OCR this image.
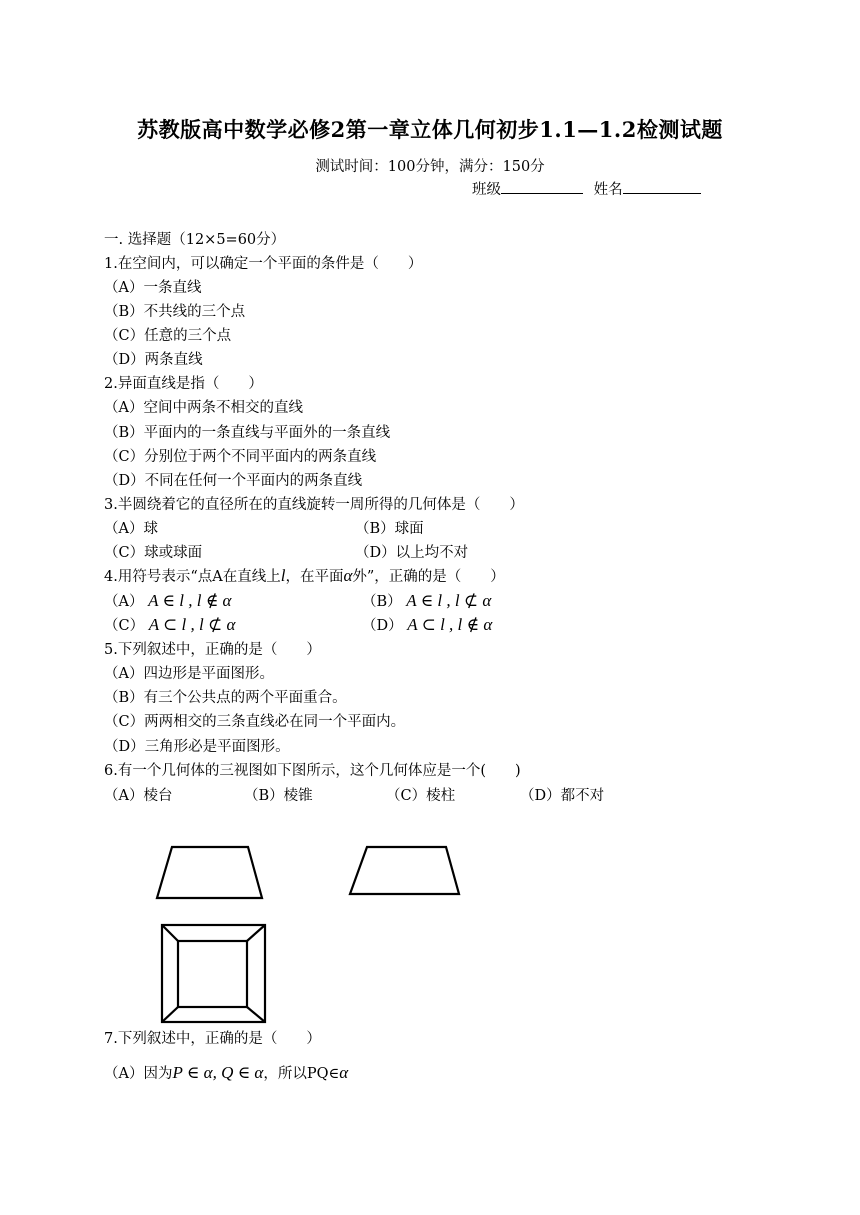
苏教版高中数学必修2第一章立体几何初步1.1—1.2检测试题
测试时间：100分钟，满分：150分
班级	姓名
一. 选择题（12×5=60分）
1.在空间内，可以确定一个平面的条件是（　　）
（A）一条直线
（B）不共线的三个点
（C）任意的三个点
（D）两条直线
2.异面直线是指（　　）
（A）空间中两条不相交的直线
（B）平面内的一条直线与平面外的一条直线
（C）分别位于两个不同平面内的两条直线
（D）不同在任何一个平面内的两条直线
3.半圆绕着它的直径所在的直线旋转一周所得的几何体是（　　）
（A）球	（B）球面
（C）球或球面	（D）以上均不对
4.用符号表示“点A在直线上l，在平面α外”，正确的是（　　）
（A） A ∈ l , l ∉ α	（B） A ∈ l , l ⊄ α
（C） A ⊂ l , l ⊄ α	（D） A ⊂ l , l ∉ α
5.下列叙述中，正确的是（　　）
（A）四边形是平面图形。
（B）有三个公共点的两个平面重合。
（C）两两相交的三条直线必在同一个平面内。
（D）三角形必是平面图形。
6.有一个几何体的三视图如下图所示，这个几何体应是一个(　　)
（A）棱台	（B）棱锥	（C）棱柱	（D）都不对
7.下列叙述中，正确的是（　　）
（A）因为P ∈ α, Q ∈ α，所以PQ∈α
